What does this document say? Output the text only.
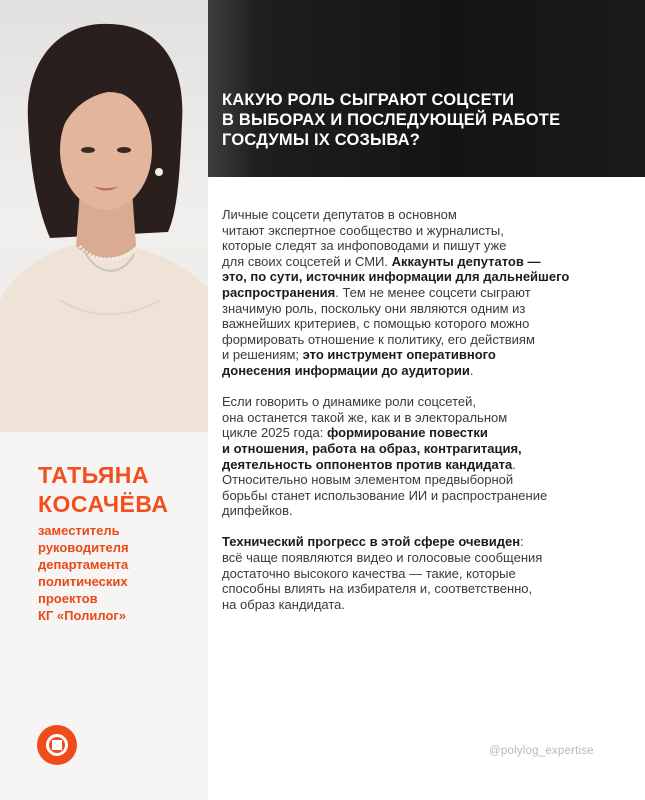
ТАТЬЯНА
КОСАЧЁВА
заместитель
руководителя
департамента
политических
проектов
КГ «Полилог»
КАКУЮ РОЛЬ СЫГРАЮТ СОЦСЕТИ
В ВЫБОРАХ И ПОСЛЕДУЮЩЕЙ РАБОТЕ
ГОСДУМЫ IX СОЗЫВА?
Личные соцсети депутатов в основном
читают экспертное сообщество и журналисты,
которые следят за инфоповодами и пишут уже
для своих соцсетей и СМИ. Аккаунты депутатов —
это, по сути, источник информации для дальнейшего
распространения. Тем не менее соцсети сыграют
значимую роль, поскольку они являются одним из
важнейших критериев, с помощью которого можно
формировать отношение к политику, его действиям
и решениям; это инструмент оперативного
донесения информации до аудитории.
Если говорить о динамике роли соцсетей,
она останется такой же, как и в электоральном
цикле 2025 года: формирование повестки
и отношения, работа на образ, контрагитация,
деятельность оппонентов против кандидата.
Относительно новым элементом предвыборной
борьбы станет использование ИИ и распространение
дипфейков.
Технический прогресс в этой сфере очевиден:
всё чаще появляются видео и голосовые сообщения
достаточно высокого качества — такие, которые
способны влиять на избирателя и, соответственно,
на образ кандидата.
@polylog_expertise
